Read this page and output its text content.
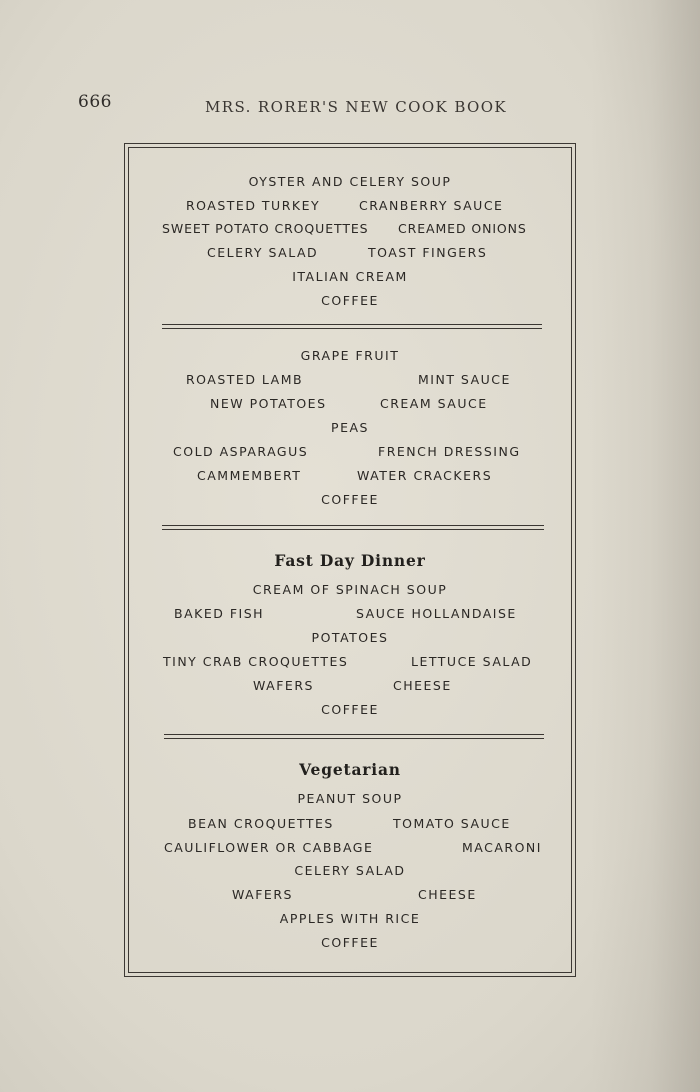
666	MRS. RORER'S NEW COOK BOOK
OYSTER AND CELERY SOUP
ROASTED TURKEY	CRANBERRY SAUCE
SWEET POTATO CROQUETTES CREAMED ONIONS
CELERY SALAD	TOAST FINGERS
ITALIAN CREAM
COFFEE
GRAPE FRUIT
ROASTED LAMB	MINT SAUCE
NEW POTATOES	CREAM SAUCE
PEAS
COLD ASPARAGUS	FRENCH DRESSING
CAMMEMBERT	WATER CRACKERS
COFFEE
Fast Day Dinner
CREAM OF SPINACH SOUP
BAKED FISH	SAUCE HOLLANDAISE
POTATOES
TINY CRAB CROQUETTES	LETTUCE SALAD
WAFERS	CHEESE
COFFEE
Vegetarian
PEANUT SOUP
BEAN CROQUETTES	TOMATO SAUCE
CAULIFLOWER OR CABBAGE	MACARONI
CELERY SALAD
WAFERS	CHEESE
APPLES WITH RICE
COFFEE
